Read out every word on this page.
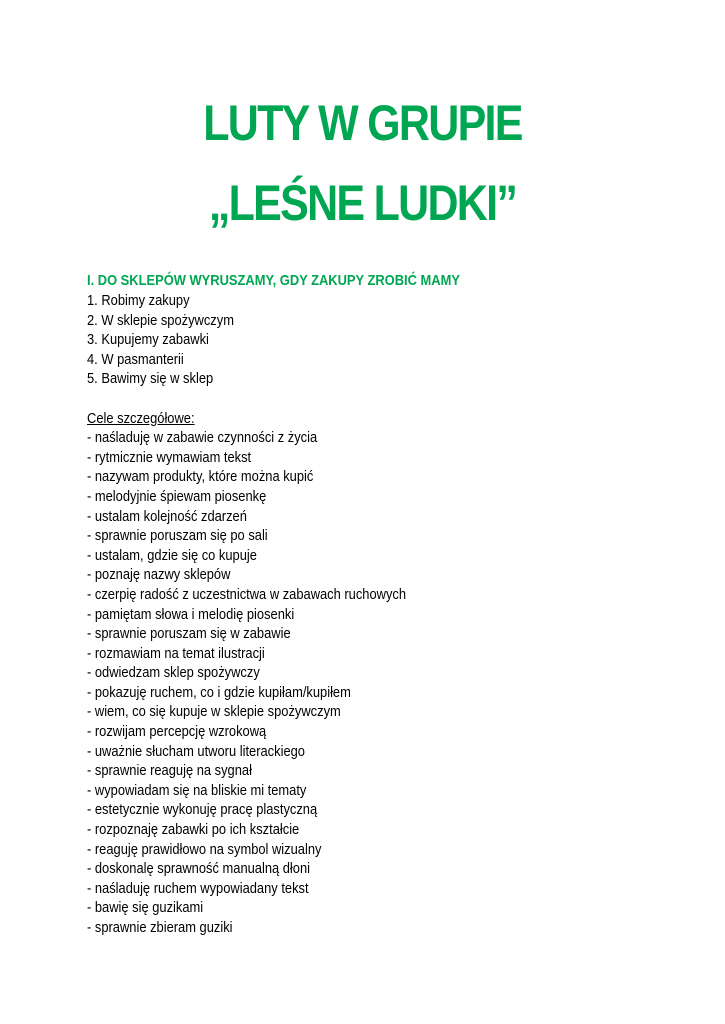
LUTY W GRUPIE
„LEŚNE LUDKI”
I. DO SKLEPÓW WYRUSZAMY, GDY ZAKUPY ZROBIĆ MAMY
1. Robimy zakupy
2. W sklepie spożywczym
3. Kupujemy zabawki
4. W pasmanterii
5. Bawimy się w sklep
Cele szczegółowe:
- naśladuję w zabawie czynności z życia
- rytmicznie wymawiam tekst
- nazywam produkty, które można kupić
- melodyjnie śpiewam piosenkę
- ustalam kolejność zdarzeń
- sprawnie poruszam się po sali
- ustalam, gdzie się co kupuje
- poznaję nazwy sklepów
- czerpię radość z uczestnictwa w zabawach ruchowych
- pamiętam słowa i melodię piosenki
- sprawnie poruszam się w zabawie
- rozmawiam na temat ilustracji
- odwiedzam sklep spożywczy
- pokazuję ruchem, co i gdzie kupiłam/kupiłem
- wiem, co się kupuje w sklepie spożywczym
- rozwijam percepcję wzrokową
- uważnie słucham utworu literackiego
- sprawnie reaguję na sygnał
- wypowiadam się na bliskie mi tematy
- estetycznie wykonuję pracę plastyczną
- rozpoznaję zabawki po ich kształcie
- reaguję prawidłowo na symbol wizualny
- doskonalę sprawność manualną dłoni
- naśladuję ruchem wypowiadany tekst
- bawię się guzikami
- sprawnie zbieram guziki
